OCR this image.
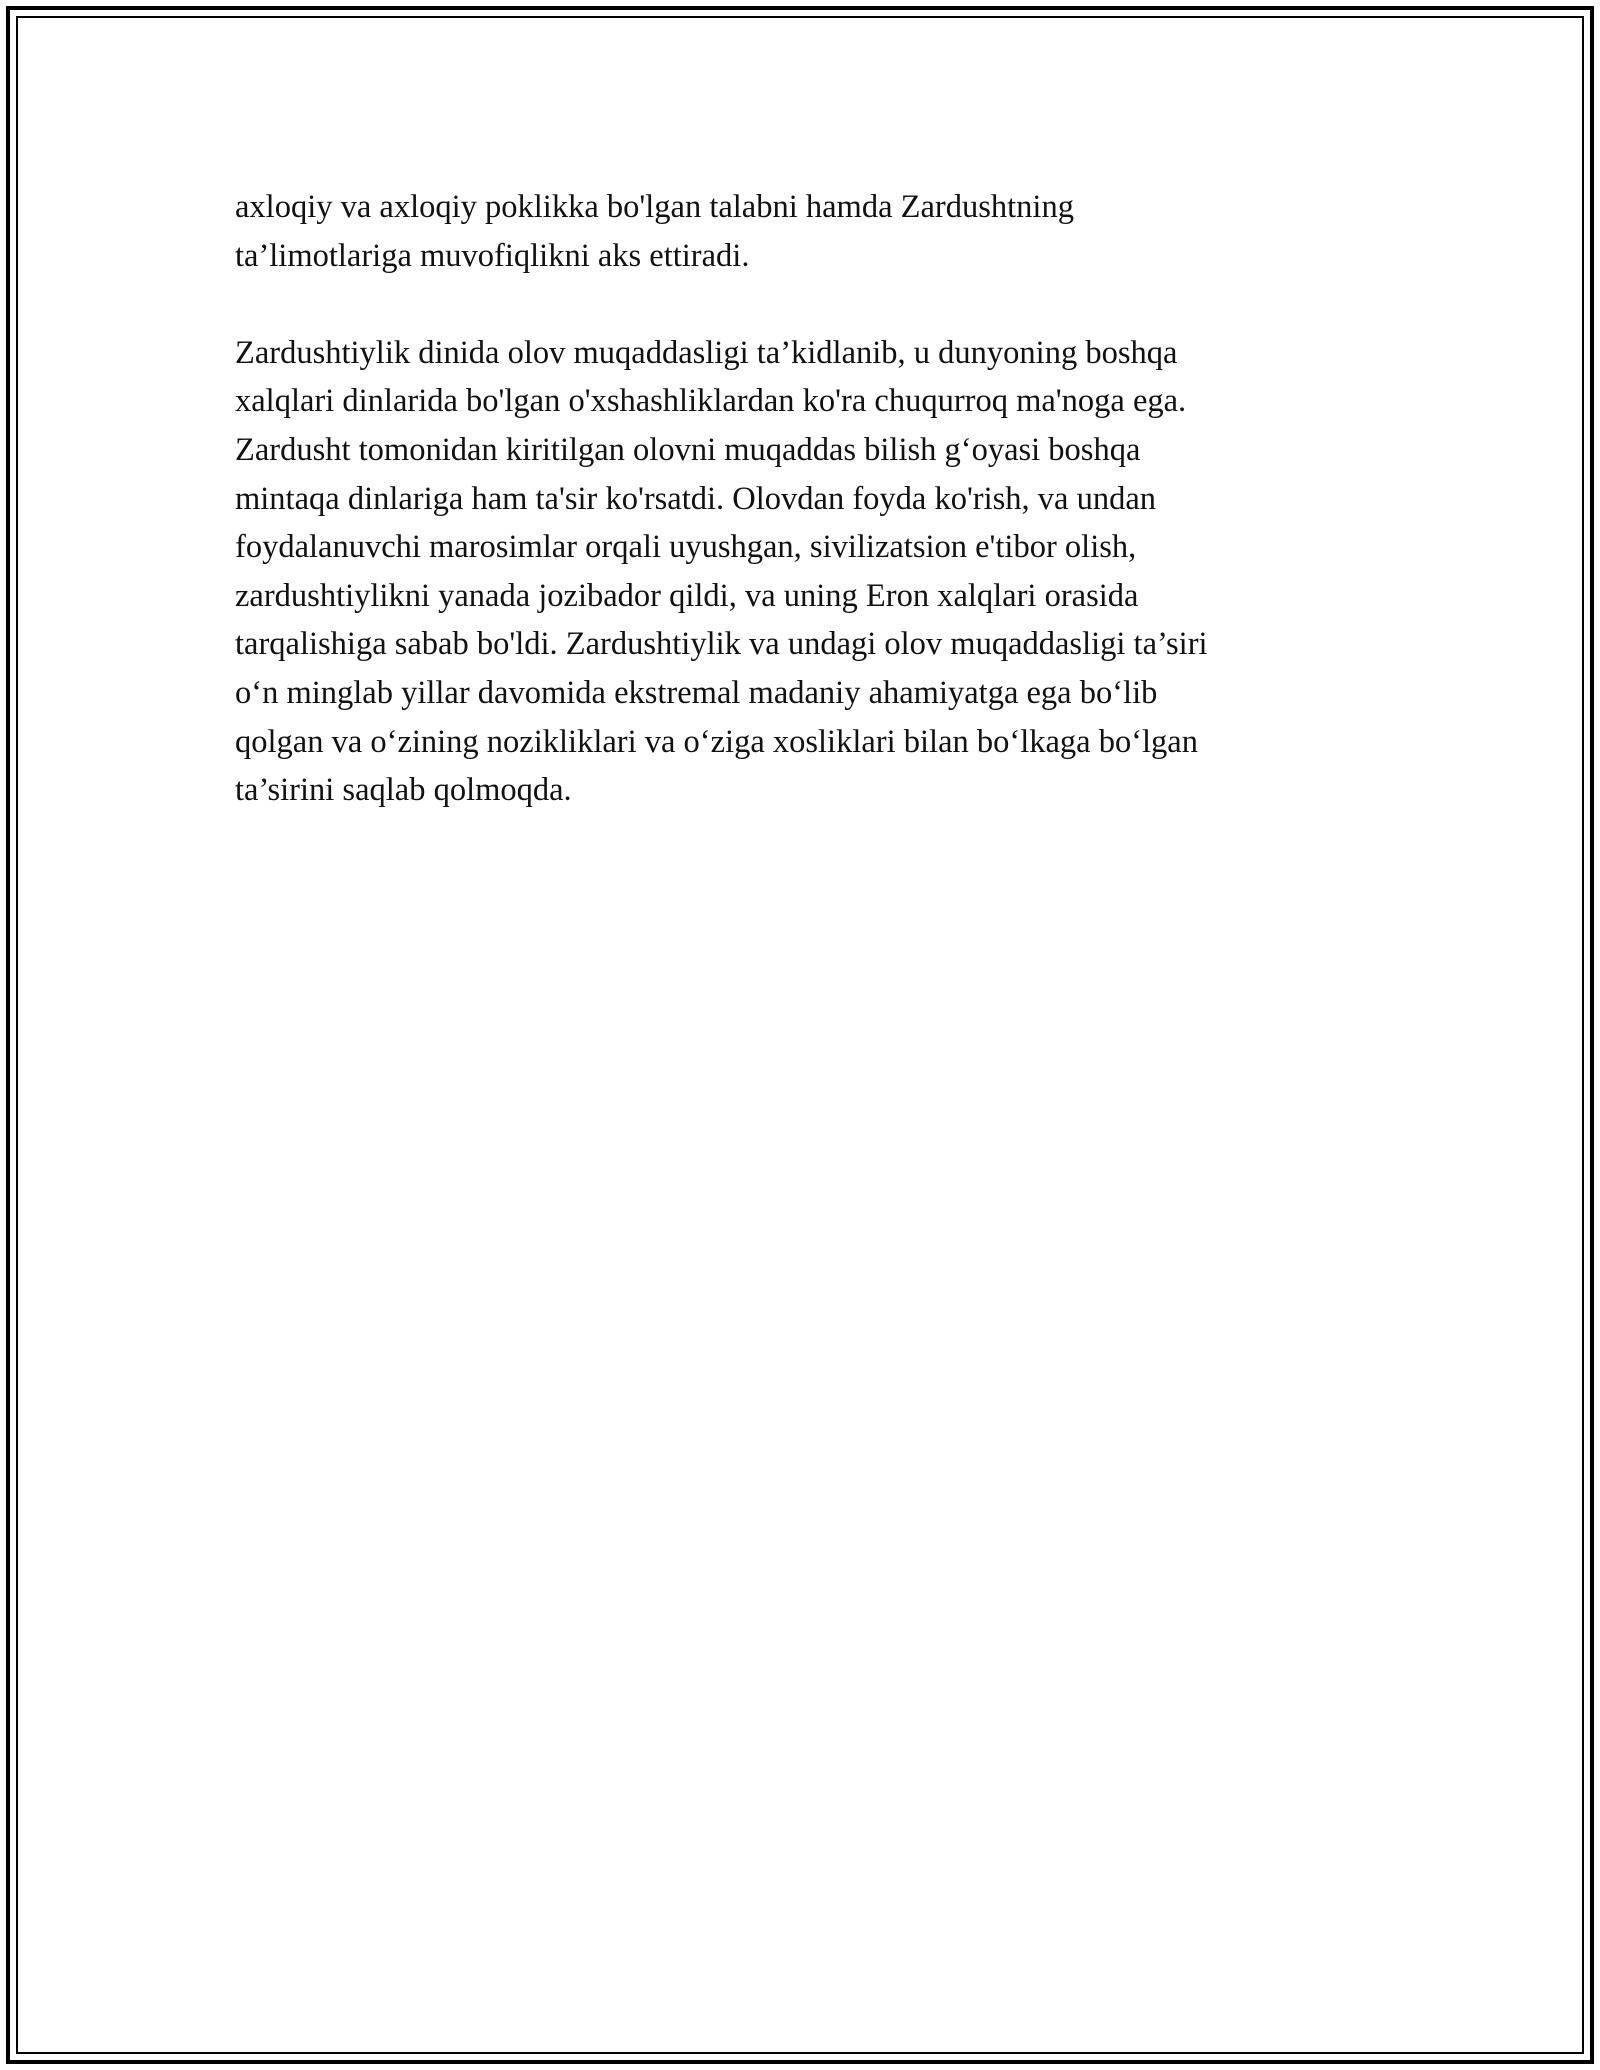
axloqiy va axloqiy poklikka bo'lgan talabni hamda Zardushtning
ta’limotlariga muvofiqlikni aks ettiradi.

Zardushtiylik dinida olov muqaddasligi ta’kidlanib, u dunyoning boshqa
xalqlari dinlarida bo'lgan o'xshashliklardan ko'ra chuqurroq ma'noga ega.
Zardusht tomonidan kiritilgan olovni muqaddas bilish g‘oyasi boshqa
mintaqa dinlariga ham ta'sir ko'rsatdi. Olovdan foyda ko'rish, va undan
foydalanuvchi marosimlar orqali uyushgan, sivilizatsion e'tibor olish,
zardushtiylikni yanada jozibador qildi, va uning Eron xalqlari orasida
tarqalishiga sabab bo'ldi. Zardushtiylik va undagi olov muqaddasligi ta’siri
o‘n minglab yillar davomida ekstremal madaniy ahamiyatga ega bo‘lib
qolgan va o‘zining nozikliklari va o‘ziga xosliklari bilan bo‘lkaga bo‘lgan
ta’sirini saqlab qolmoqda.
